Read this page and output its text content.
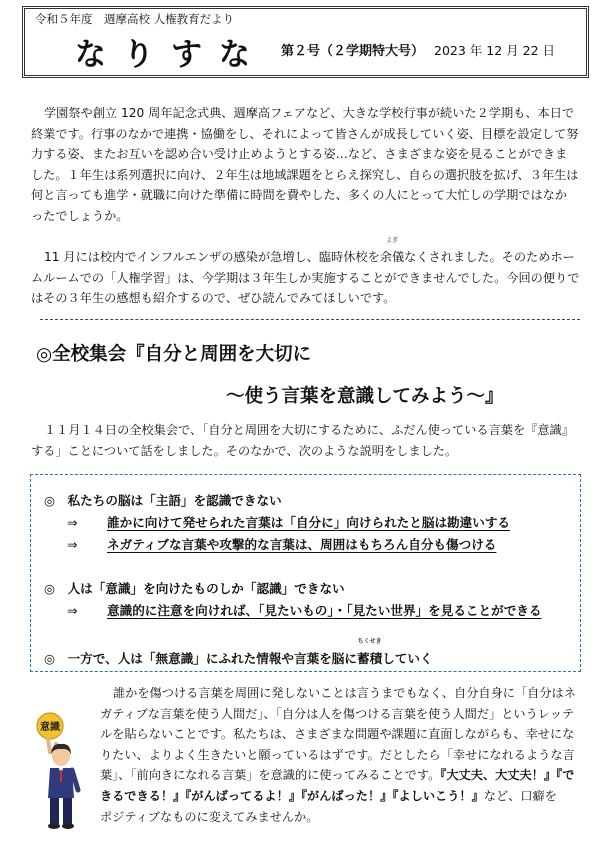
令和５年度　週摩高校 人権教育だより
なりすな 第２号（２学期特大号） 2023 年 12 月 22 日
学園祭や創立 120 周年記念式典、週摩高フェアなど、大きな学校行事が続いた２学期も、本日で
終業です。行事のなかで連携・協働をし、それによって皆さんが成長していく姿、目標を設定して努
力する姿、またお互いを認め合い受け止めようとする姿…など、さまざまな姿を見ることができま
した。１年生は系列選択に向け、２年生は地域課題をとらえ探究し、自らの選択肢を拡げ、３年生は
何と言っても進学・就職に向けた準備に時間を費やした、多くの人にとって大忙しの学期ではなか
ったでしょうか。
11 月には校内でインフルエンザの感染が急増し、臨時休校を
よぎ
余儀なくされました。そのためホー
ムルームでの「人権学習」は、今学期は３年生しか実施することができませんでした。今回の便りで
はその３年生の感想も紹介するので、ぜひ読んでみてほしいです。
◎全校集会『自分と周囲を大切に
～使う言葉を意識してみよう～』
１１月１４日の全校集会で、「自分と周囲を大切にするために、ふだん使っている言葉を『意識』
する」ことについて話をしました。そのなかで、次のような説明をしました。
◎　私たちの脳は「主語」を認識できない
⇒ 誰かに向けて発せられた言葉は「自分に」向けられたと脳は勘違いする
⇒ ネガティブな言葉や攻撃的な言葉は、周囲はもちろん自分も傷つける
◎　人は「意識」を向けたものしか「認識」できない
⇒ 意識的に注意を向ければ、「見たいもの」・「見たい世界」を見ることができる
◎　一方で、人は「無意識」にふれた情報や言葉を脳に
ちくせき
蓄積していく
意識
誰かを傷つける言葉を周囲に発しないことは言うまでもなく、自分自身に「自分はネ
ガティブな言葉を使う人間だ」、「自分は人を傷つける言葉を使う人間だ」というレッテ
ルを貼らないことです。私たちは、さまざまな問題や課題に直面しながらも、幸せにな
りたい、よりよく生きたいと願っているはずです。だとしたら「幸せになれるような言
葉」、「前向きになれる言葉」を意識的に使ってみることです。『大丈夫、大丈夫！』『で
きるできる！』『がんばってるよ！』『がんばった！』『よしいこう！』など、口癖を
ポジティブなものに変えてみませんか。
